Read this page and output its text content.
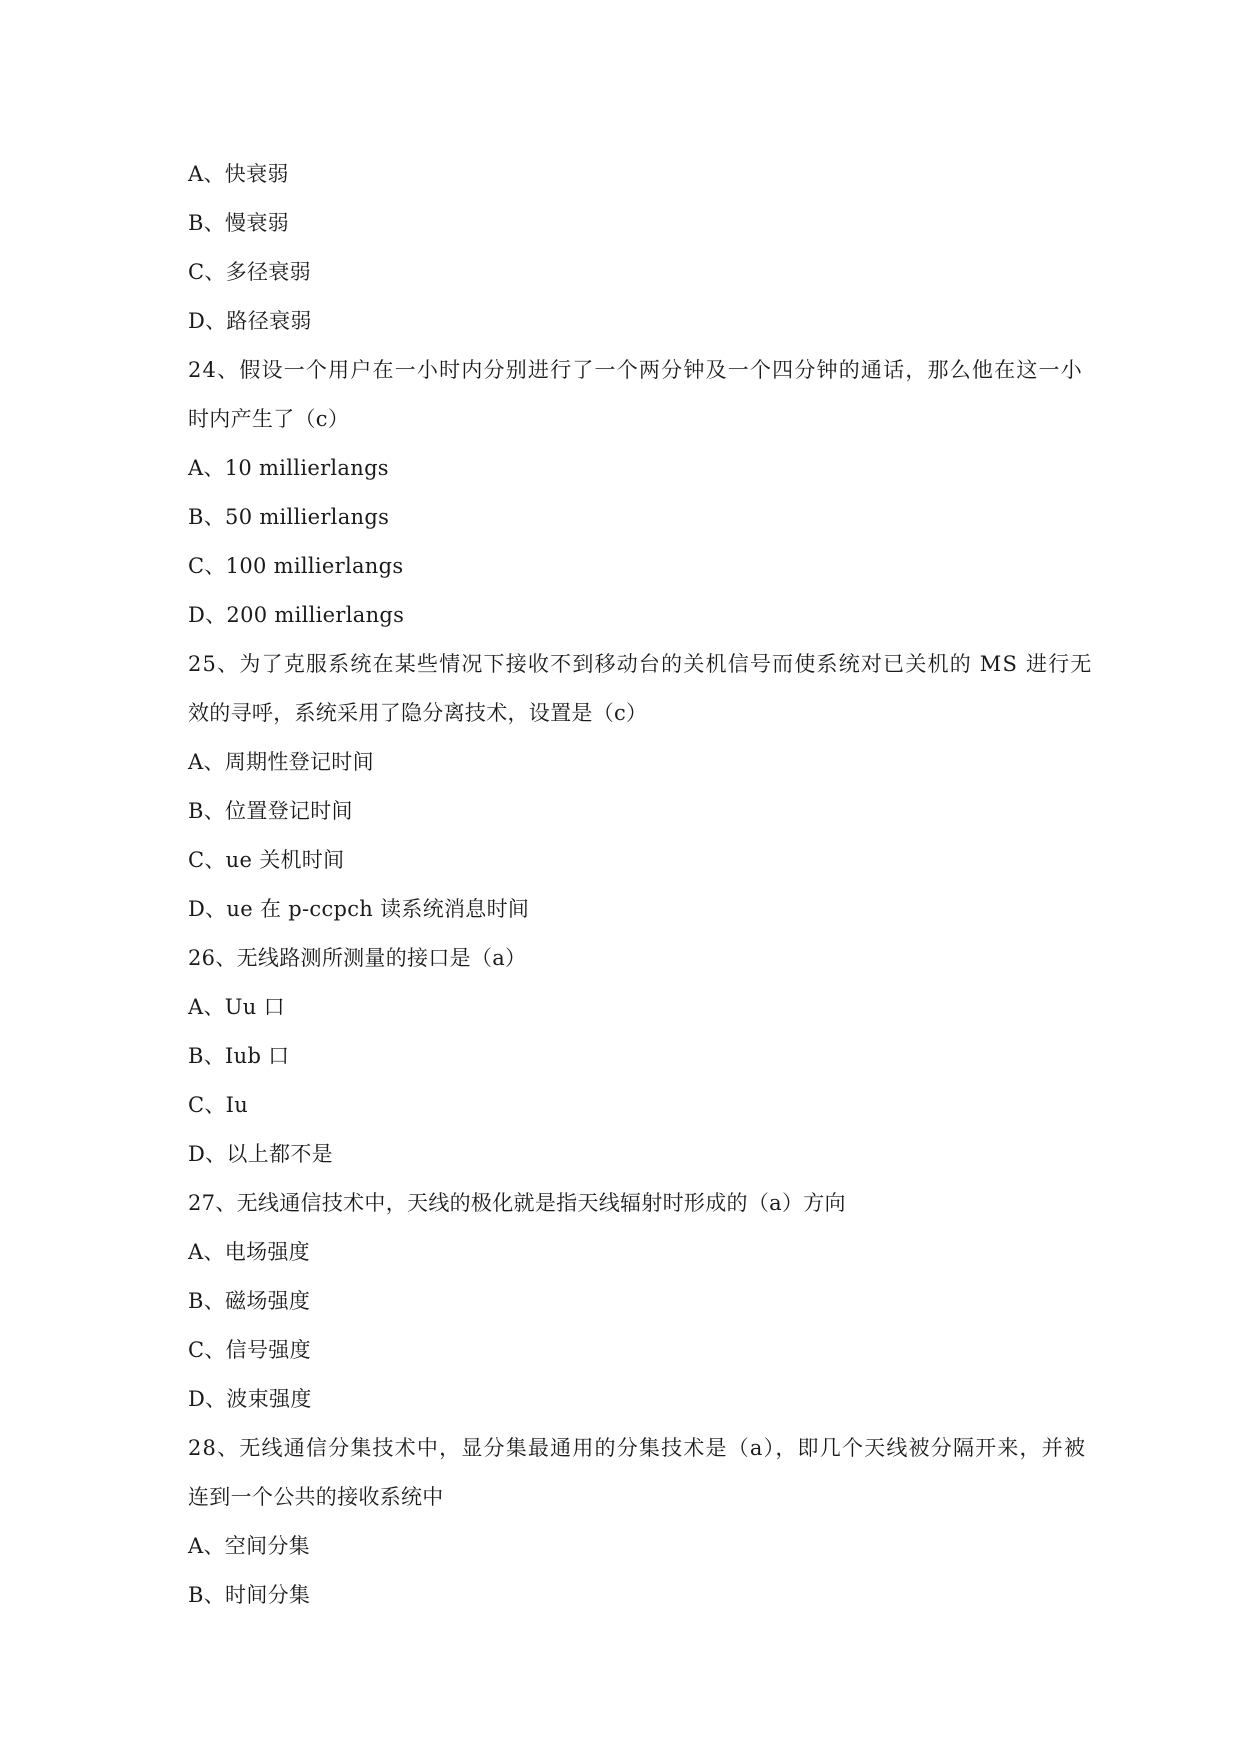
A、快衰弱
B、慢衰弱
C、多径衰弱
D、路径衰弱
24、假设一个用户在一小时内分别进行了一个两分钟及一个四分钟的通话，那么他在这一小
时内产生了（c）
A、10 millierlangs
B、50 millierlangs
C、100 millierlangs
D、200 millierlangs
25、为了克服系统在某些情况下接收不到移动台的关机信号而使系统对已关机的 MS 进行无
效的寻呼，系统采用了隐分离技术，设置是（c）
A、周期性登记时间
B、位置登记时间
C、ue 关机时间
D、ue 在 p-ccpch 读系统消息时间
26、无线路测所测量的接口是（a）
A、Uu 口
B、Iub 口
C、Iu
D、以上都不是
27、无线通信技术中，天线的极化就是指天线辐射时形成的（a）方向
A、电场强度
B、磁场强度
C、信号强度
D、波束强度
28、无线通信分集技术中，显分集最通用的分集技术是（a），即几个天线被分隔开来，并被
连到一个公共的接收系统中
A、空间分集
B、时间分集
